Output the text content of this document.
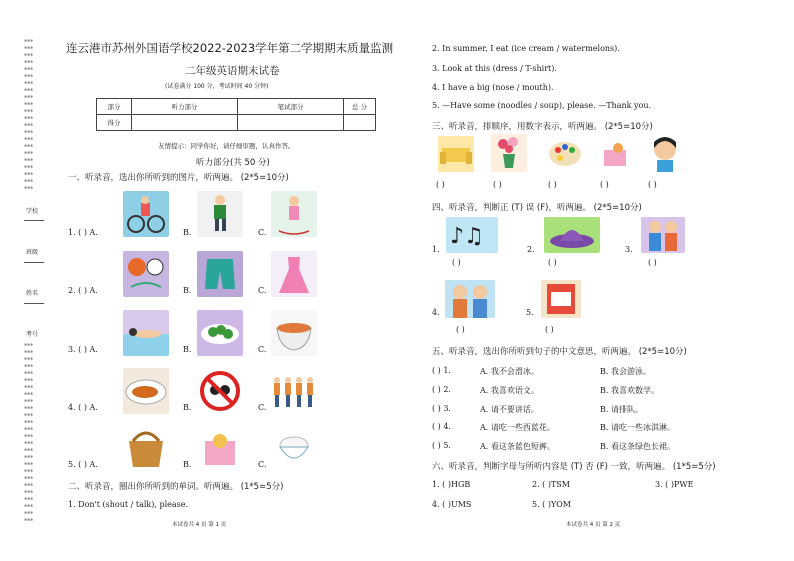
✱✱✱
✱✱✱
✱✱✱
✱✱✱
✱✱✱
✱✱✱
✱✱✱
✱✱✱
✱✱✱
✱✱✱
✱✱✱
✱✱✱
✱✱✱
✱✱✱
✱✱✱
✱✱✱
✱✱✱
✱✱✱
✱✱✱
✱✱✱
✱✱✱
✱✱✱
学校
班级
姓名
考号
✱✱✱
✱✱✱
✱✱✱
✱✱✱
✱✱✱
✱✱✱
✱✱✱
✱✱✱
✱✱✱
✱✱✱
✱✱✱
✱✱✱
✱✱✱
✱✱✱
✱✱✱
✱✱✱
✱✱✱
✱✱✱
✱✱✱
✱✱✱
✱✱✱
✱✱✱
✱✱✱
✱✱✱
✱✱✱
✱✱✱
连云港市苏州外国语学校2022-2023学年第二学期期末质量监测
二年级英语期末试卷
(试卷满分 100 分，考试时间 40 分钟)
部分	听力部分	笔试部分	总 分
得分			
友情提示：同学你好，请仔细审题，认真作答。
听力部分(共 50 分)
一、听录音，选出你所听到的图片，听两遍。 (2*5=10分)
1. ( ) A.	B.	C.
2. ( ) A.	B.	C.
3. ( ) A.	B.	C.
4. ( ) A.	B.	C.
5. ( ) A.	B.	C.
二、听录音，圈出你所听到的单词。听两遍。 (1*5=5分)
1. Don't (shout / talk), please.
本试卷共 4 页 第 1 页
2. In summer, I eat (ice cream / watermelons).
3. Look at this (dress / T-shirt).
4. I have a big (nose / mouth).
5. —Have some (noodles / soup), please. —Thank you.
三、听录音，排顺序，用数字表示，听两遍。 (2*5=10分)
( )	( )	( )	( )	( )
四、听录音，判断正 (T) 误 (F)，听两遍。 (2*5=10分)
1.
♪♫
( )
2.
( )
3.
( )
4.
( )
5.
( )
五、听录音，选出你所听到句子的中文意思，听两遍。 (2*5=10分)
( ) 1.	A. 我不会滑冰。	B. 我会游泳。
( ) 2.	A. 我喜欢语文。	B. 我喜欢数学。
( ) 3.	A. 请不要讲话。	B. 请排队。
( ) 4.	A. 请吃一些西蓝花。	B. 请吃一些冰淇淋。
( ) 5.	A. 看这条蓝色短裤。	B. 看这条绿色长裙。
六、听录音，判断字母与所听内容是 (T) 否 (F) 一致，听两遍。 (1*5=5分)
1. ( )HGB	2. ( )TSM	3. ( )PWE
4. ( )UMS	5. ( )YOM
本试卷共 4 页 第 2 页
